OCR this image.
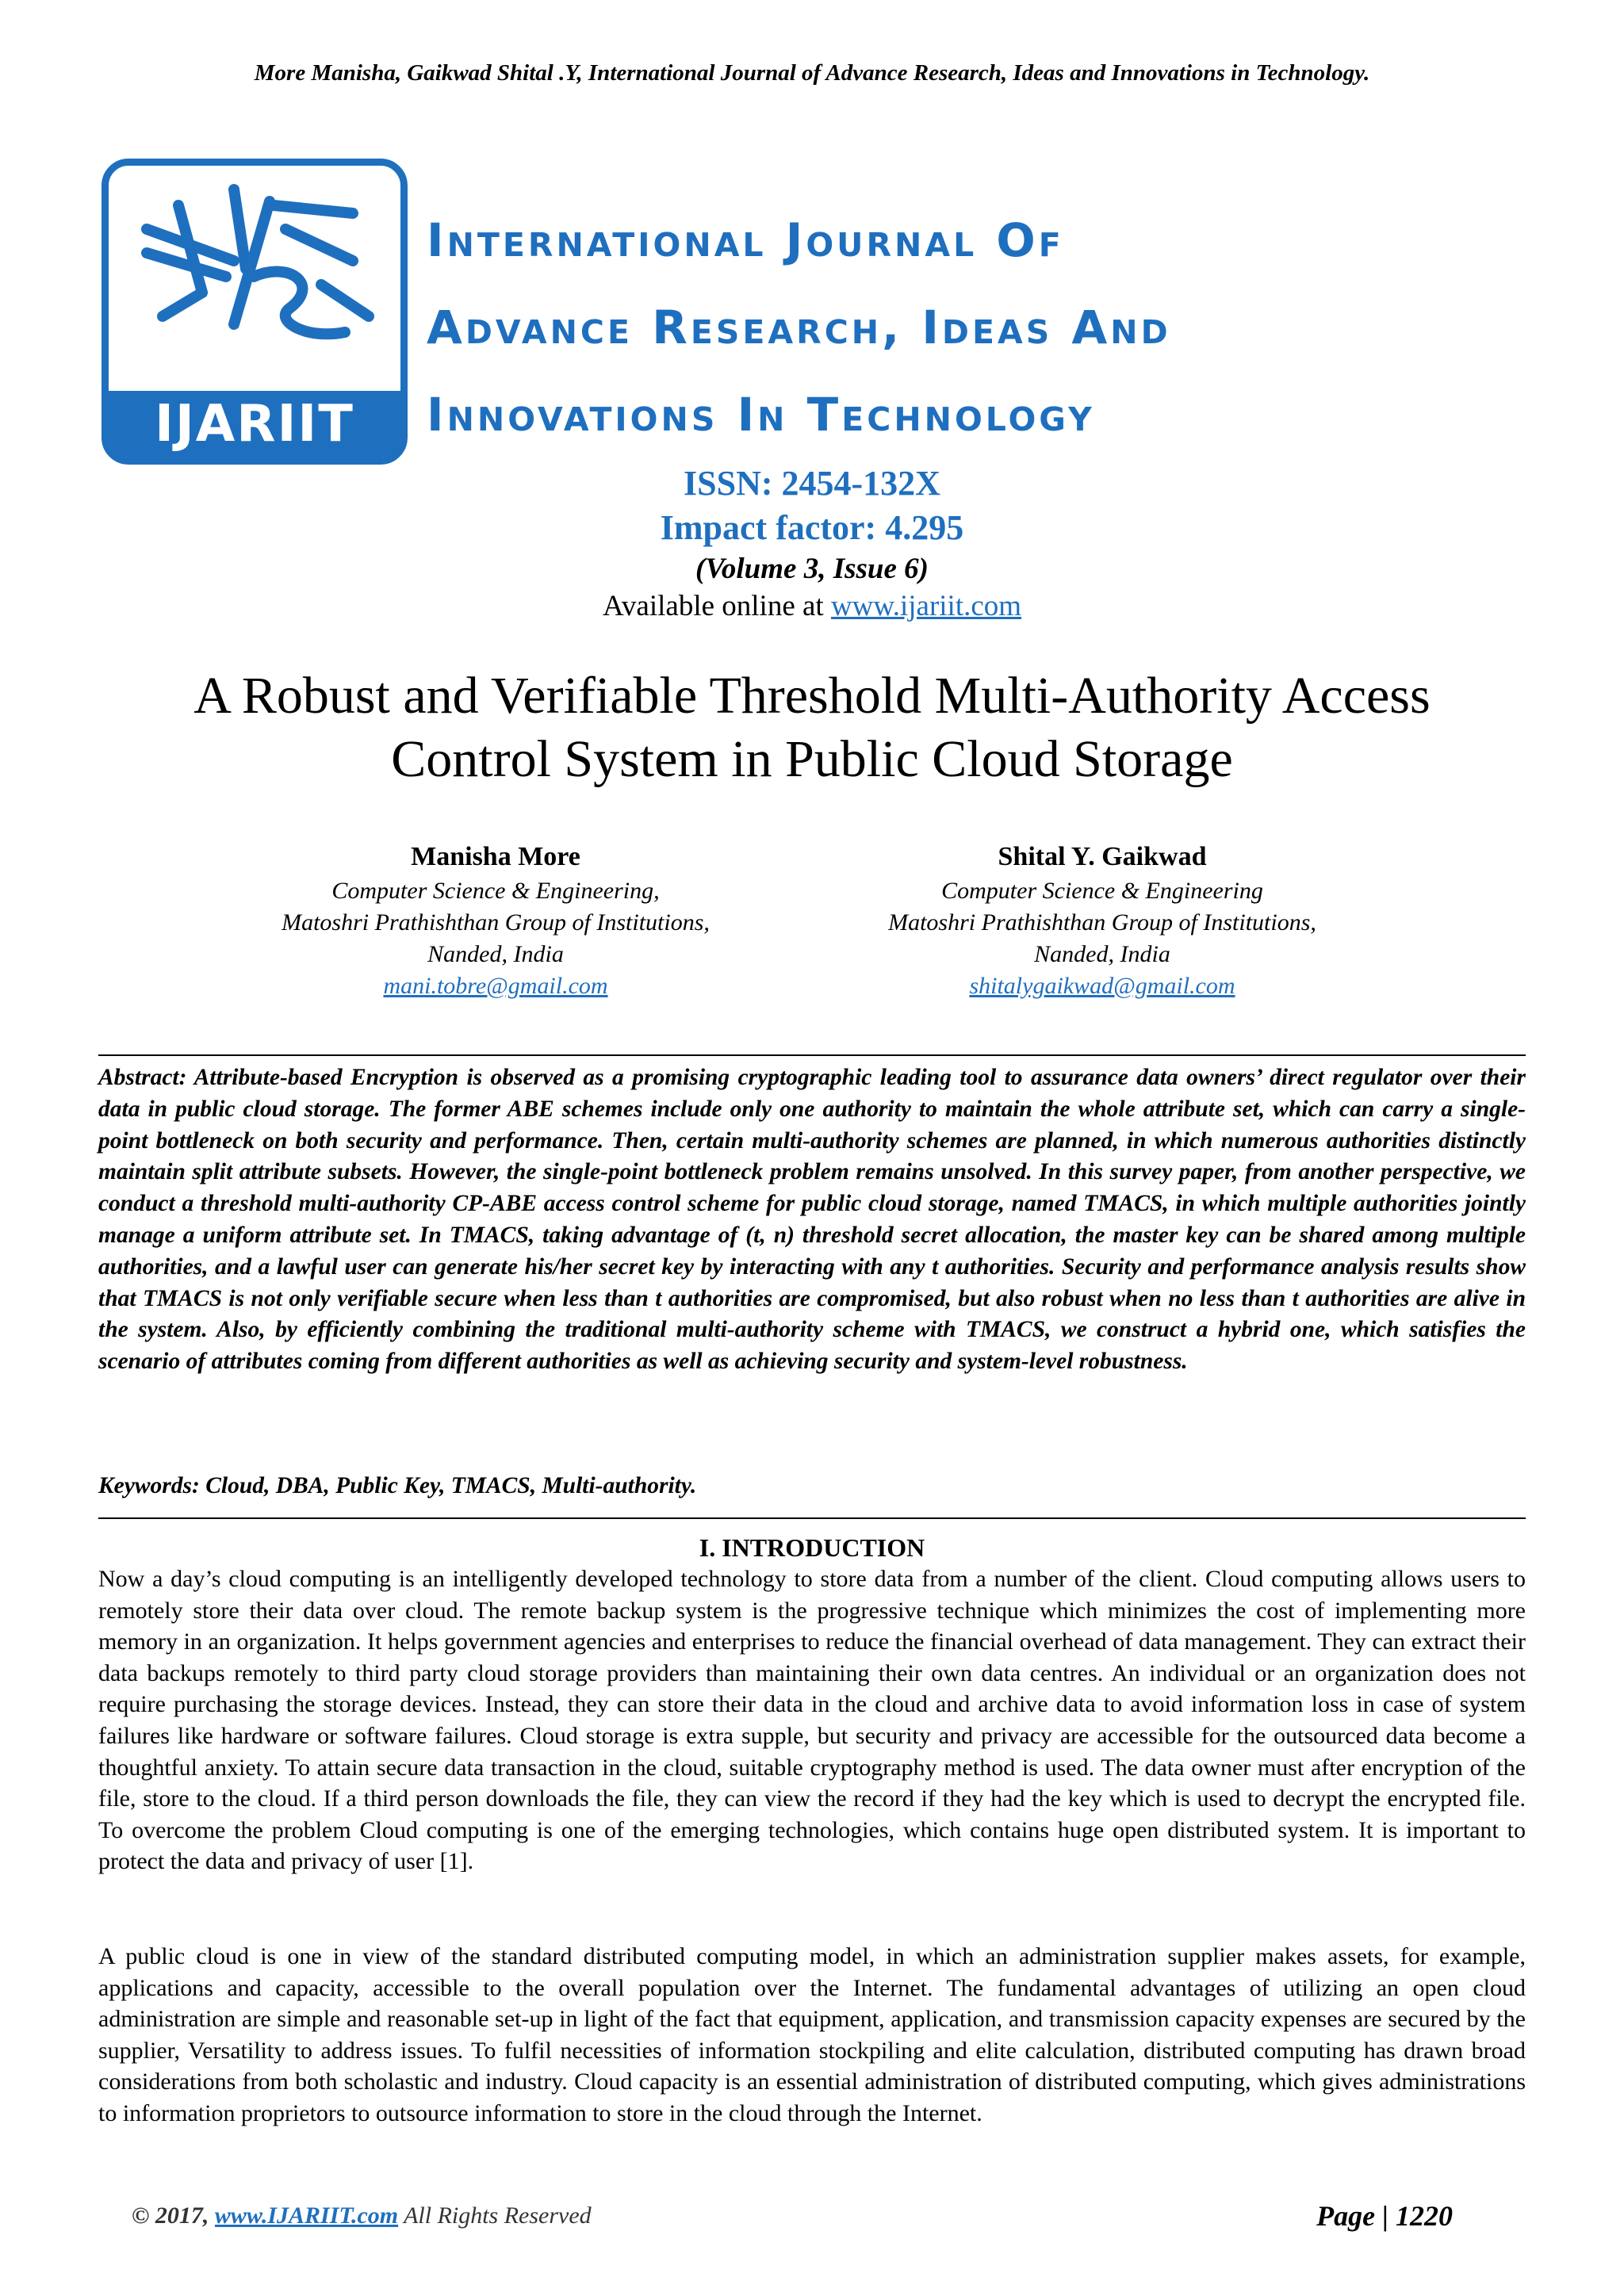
More Manisha, Gaikwad Shital .Y, International Journal of Advance Research, Ideas and Innovations in Technology.
IJARIIT
International Journal Of
Advance Research, Ideas And
Innovations In Technology
ISSN: 2454-132X
Impact factor: 4.295
(Volume 3, Issue 6)
Available online at www.ijariit.com
A Robust and Verifiable Threshold Multi-Authority Access
Control System in Public Cloud Storage
Manisha More
Computer Science & Engineering,
Matoshri Prathishthan Group of Institutions,
Nanded, India
mani.tobre@gmail.com
Shital Y. Gaikwad
Computer Science & Engineering
Matoshri Prathishthan Group of Institutions,
Nanded, India
shitalygaikwad@gmail.com
Abstract: Attribute-based Encryption is observed as a promising cryptographic leading tool to assurance data owners’ direct regulator over their data in public cloud storage. The former ABE schemes include only one authority to maintain the whole attribute set, which can carry a single-point bottleneck on both security and performance. Then, certain multi-authority schemes are planned, in which numerous authorities distinctly maintain split attribute subsets. However, the single-point bottleneck problem remains unsolved. In this survey paper, from another perspective, we conduct a threshold multi-authority CP-ABE access control scheme for public cloud storage, named TMACS, in which multiple authorities jointly manage a uniform attribute set. In TMACS, taking advantage of (t, n) threshold secret allocation, the master key can be shared among multiple authorities, and a lawful user can generate his/her secret key by interacting with any t authorities. Security and performance analysis results show that TMACS is not only verifiable secure when less than t authorities are compromised, but also robust when no less than t authorities are alive in the system. Also, by efficiently combining the traditional multi-authority scheme with TMACS, we construct a hybrid one, which satisfies the scenario of attributes coming from different authorities as well as achieving security and system-level robustness.
Keywords: Cloud, DBA, Public Key, TMACS, Multi-authority.
I. INTRODUCTION
Now a day’s cloud computing is an intelligently developed technology to store data from a number of the client. Cloud computing allows users to remotely store their data over cloud. The remote backup system is the progressive technique which minimizes the cost of implementing more memory in an organization. It helps government agencies and enterprises to reduce the financial overhead of data management. They can extract their data backups remotely to third party cloud storage providers than maintaining their own data centres. An individual or an organization does not require purchasing the storage devices. Instead, they can store their data in the cloud and archive data to avoid information loss in case of system failures like hardware or software failures. Cloud storage is extra supple, but security and privacy are accessible for the outsourced data become a thoughtful anxiety. To attain secure data transaction in the cloud, suitable cryptography method is used. The data owner must after encryption of the file, store to the cloud. If a third person downloads the file, they can view the record if they had the key which is used to decrypt the encrypted file. To overcome the problem Cloud computing is one of the emerging technologies, which contains huge open distributed system. It is important to protect the data and privacy of user [1].
A public cloud is one in view of the standard distributed computing model, in which an administration supplier makes assets, for example, applications and capacity, accessible to the overall population over the Internet. The fundamental advantages of utilizing an open cloud administration are simple and reasonable set-up in light of the fact that equipment, application, and transmission capacity expenses are secured by the supplier, Versatility to address issues. To fulfil necessities of information stockpiling and elite calculation, distributed computing has drawn broad considerations from both scholastic and industry. Cloud capacity is an essential administration of distributed computing, which gives administrations to information proprietors to outsource information to store in the cloud through the Internet.
© 2017, www.IJARIIT.com All Rights Reserved	Page | 1220
